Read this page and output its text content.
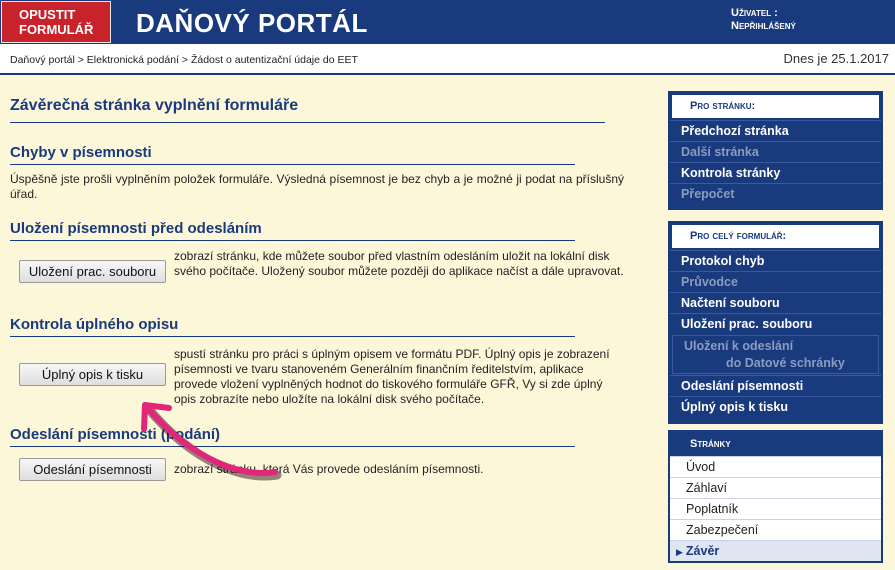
OPUSTIT
FORMULÁŘ	DAŇOVÝ PORTÁL	Uživatel :
Nepřihlášený
Daňový portál > Elektronická podání > Žádost o autentizační údaje do EET	Dnes je 25.1.2017
Závěrečná stránka vyplnění formuláře
Chyby v písemnosti
Úspěšně jste prošli vyplněním položek formuláře. Výsledná písemnost je bez chyb a je možné ji podat na příslušný úřad.
Uložení písemnosti před odesláním
Uložení prac. souboru
zobrazí stránku, kde můžete soubor před vlastním odesláním uložit na lokální disk svého počítače. Uložený soubor můžete později do aplikace načíst a dále upravovat.
Kontrola úplného opisu
Úplný opis k tisku
spustí stránku pro práci s úplným opisem ve formátu PDF. Úplný opis je zobrazení písemnosti ve tvaru stanoveném Generálním finančním ředitelstvím, aplikace provede vložení vyplněných hodnot do tiskového formuláře GFŘ, Vy si zde úplný opis zobrazíte nebo uložíte na lokální disk svého počítače.
Odeslání písemnosti (podání)
Odeslání písemnosti	zobrazí stránku, která Vás provede odesláním písemnosti.
Pro stránku:
Předchozí stránka
Další stránka
Kontrola stránky
Přepočet
Pro celý formulář:
Protokol chyb
Průvodce
Načtení souboru
Uložení prac. souboru
Uložení k odeslání
do Datové schránky
Odeslání písemnosti
Úplný opis k tisku
Stránky
Úvod
Záhlaví
Poplatník
Zabezpečení
▶ Závěr
